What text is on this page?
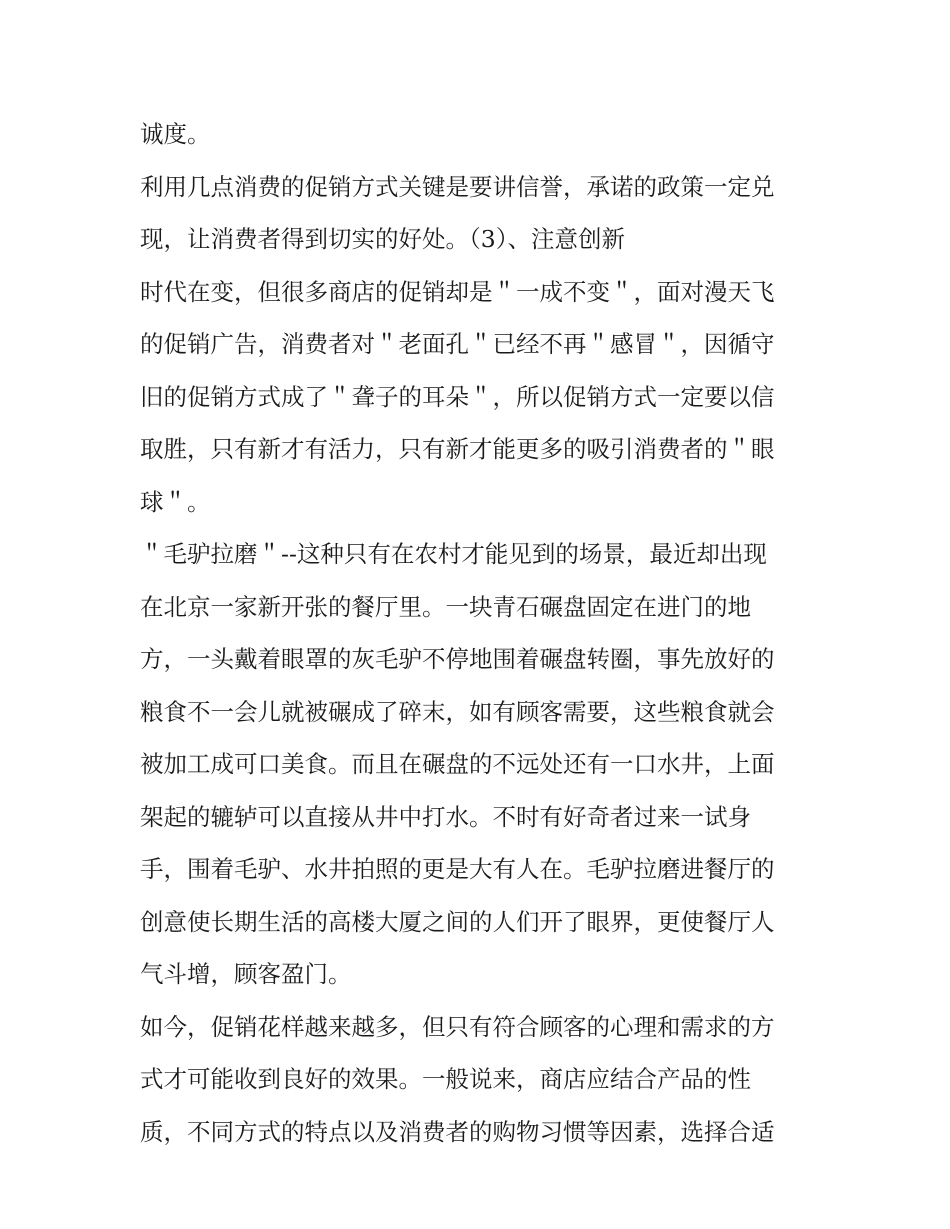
诚度。
利用几点消费的促销方式关键是要讲信誉，承诺的政策一定兑
现，让消费者得到切实的好处。（3）、注意创新
时代在变，但很多商店的促销却是＂一成不变＂，面对漫天飞
的促销广告，消费者对＂老面孔＂已经不再＂感冒＂，因循守
旧的促销方式成了＂聋子的耳朵＂，所以促销方式一定要以信
取胜，只有新才有活力，只有新才能更多的吸引消费者的＂眼
球＂。
＂毛驴拉磨＂--这种只有在农村才能见到的场景，最近却出现
在北京一家新开张的餐厅里。一块青石碾盘固定在进门的地
方，一头戴着眼罩的灰毛驴不停地围着碾盘转圈，事先放好的
粮食不一会儿就被碾成了碎末，如有顾客需要，这些粮食就会
被加工成可口美食。而且在碾盘的不远处还有一口水井，上面
架起的辘轳可以直接从井中打水。不时有好奇者过来一试身
手，围着毛驴、水井拍照的更是大有人在。毛驴拉磨进餐厅的
创意使长期生活的高楼大厦之间的人们开了眼界，更使餐厅人
气斗增，顾客盈门。
如今，促销花样越来越多，但只有符合顾客的心理和需求的方
式才可能收到良好的效果。一般说来，商店应结合产品的性
质，不同方式的特点以及消费者的购物习惯等因素，选择合适
